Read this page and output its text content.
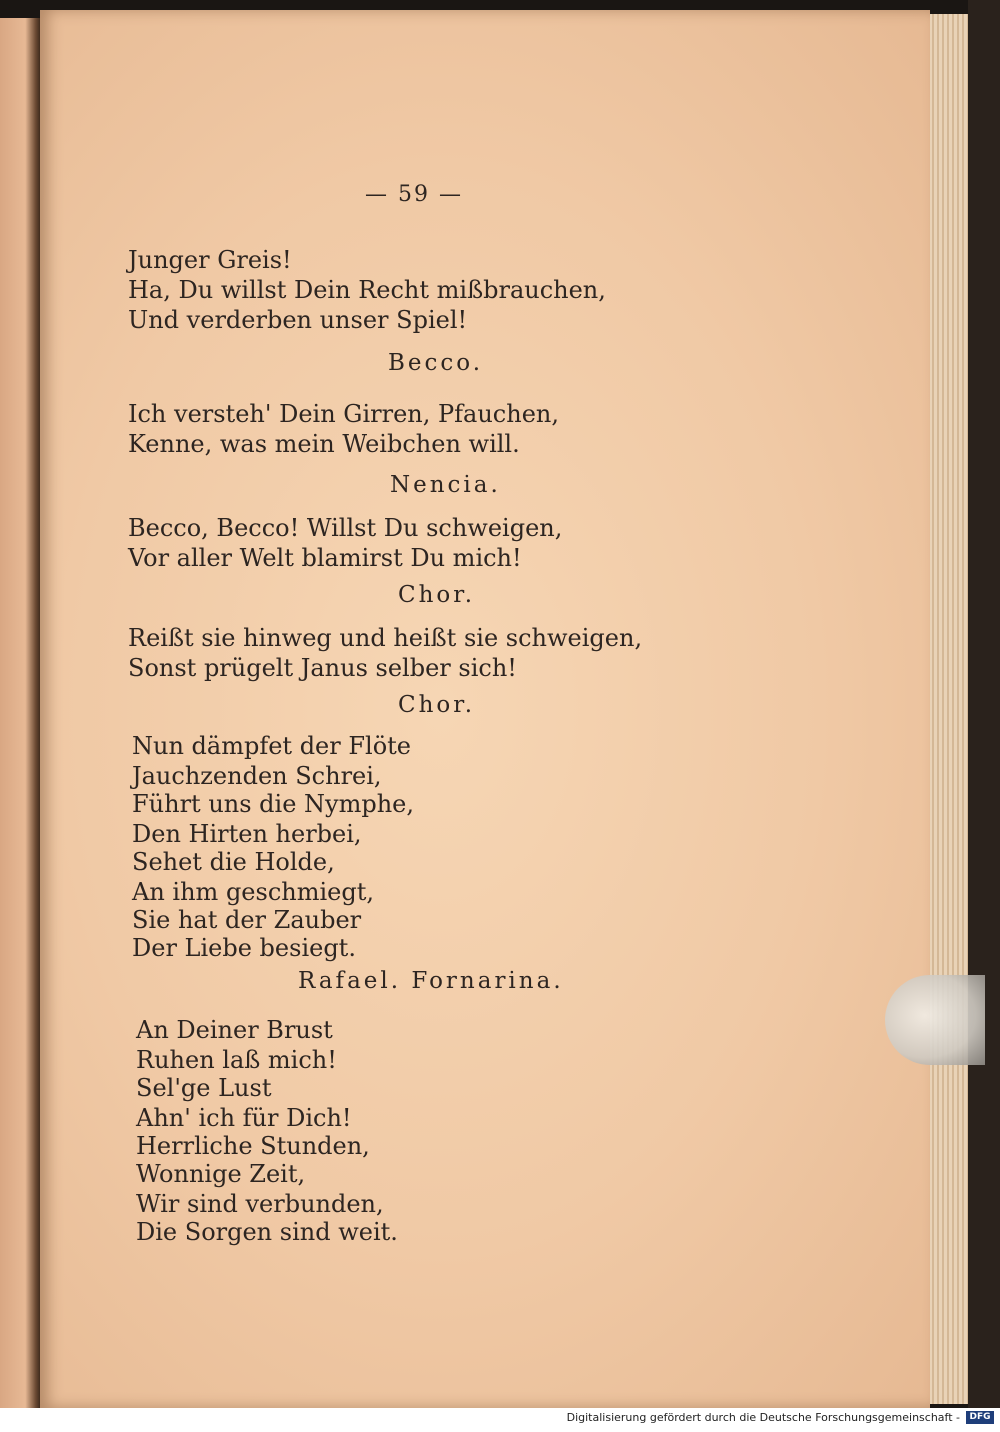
— 59 —
Junger Greis!
Ha, Du willst Dein Recht mißbrauchen,
Und verderben unser Spiel!
Becco.
Ich versteh' Dein Girren, Pfauchen,
Kenne, was mein Weibchen will.
Nencia.
Becco, Becco! Willst Du schweigen,
Vor aller Welt blamirst Du mich!
Chor.
Reißt sie hinweg und heißt sie schweigen,
Sonst prügelt Janus selber sich!
Chor.
Nun dämpfet der Flöte
Jauchzenden Schrei,
Führt uns die Nymphe,
Den Hirten herbei,
Sehet die Holde,
An ihm geschmiegt,
Sie hat der Zauber
Der Liebe besiegt.
Rafael. Fornarina.
An Deiner Brust
Ruhen laß mich!
Sel'ge Lust
Ahn' ich für Dich!
Herrliche Stunden,
Wonnige Zeit,
Wir sind verbunden,
Die Sorgen sind weit.
Digitalisierung gefördert durch die Deutsche Forschungsgemeinschaft -	DFG
